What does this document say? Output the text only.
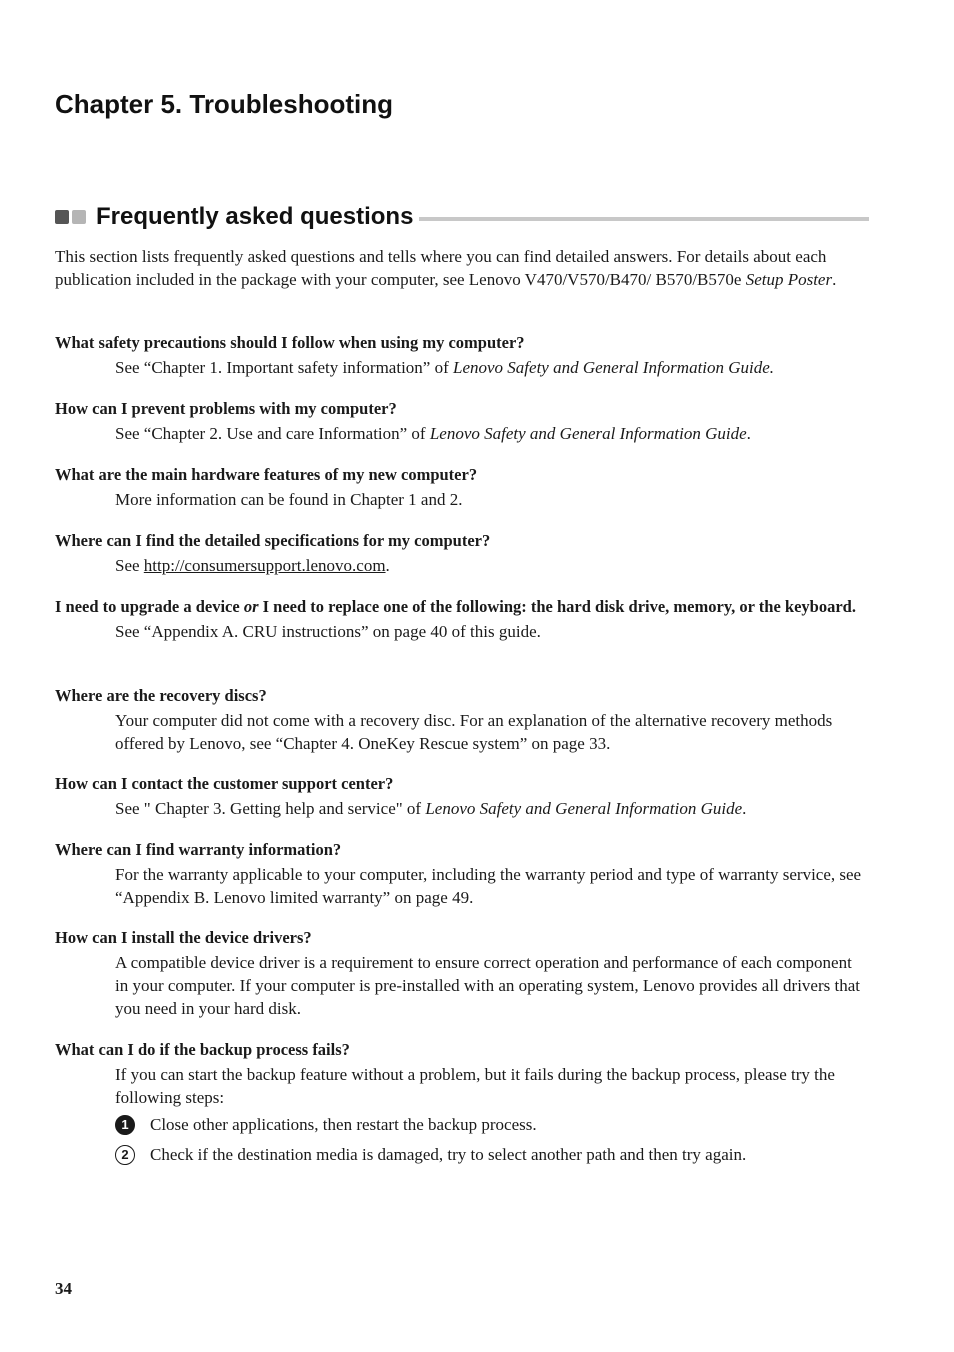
Chapter 5. Troubleshooting
Frequently asked questions

This section lists frequently asked questions and tells where you can find detailed answers. For details about each publication included in the package with your computer, see Lenovo V470/V570/B470/ B570/B570e Setup Poster.

What safety precautions should I follow when using my computer?

See “Chapter 1. Important safety information” of Lenovo Safety and General Information Guide.

How can I prevent problems with my computer?

See “Chapter 2. Use and care Information” of Lenovo Safety and General Information Guide.

What are the main hardware features of my new computer?

More information can be found in Chapter 1 and 2.

Where can I find the detailed specifications for my computer?

See http://consumersupport.lenovo.com.

I need to upgrade a device or I need to replace one of the following: the hard disk drive, memory, or the keyboard.

See “Appendix A. CRU instructions” on page 40 of this guide.

Where are the recovery discs?

Your computer did not come with a recovery disc. For an explanation of the alternative recovery methods offered by Lenovo, see “Chapter 4. OneKey Rescue system” on page 33.

How can I contact the customer support center?

See " Chapter 3. Getting help and service" of Lenovo Safety and General Information Guide.

Where can I find warranty information?

For the warranty applicable to your computer, including the warranty period and type of warranty service, see “Appendix B. Lenovo limited warranty” on page 49.

How can I install the device drivers?

A compatible device driver is a requirement to ensure correct operation and performance of each component in your computer. If your computer is pre-installed with an operating system, Lenovo provides all drivers that you need in your hard disk.

What can I do if the backup process fails?

If you can start the backup feature without a problem, but it fails during the backup process, please try the following steps:

1	Close other applications, then restart the backup process.
2	Check if the destination media is damaged, try to select another path and then try again.
34
